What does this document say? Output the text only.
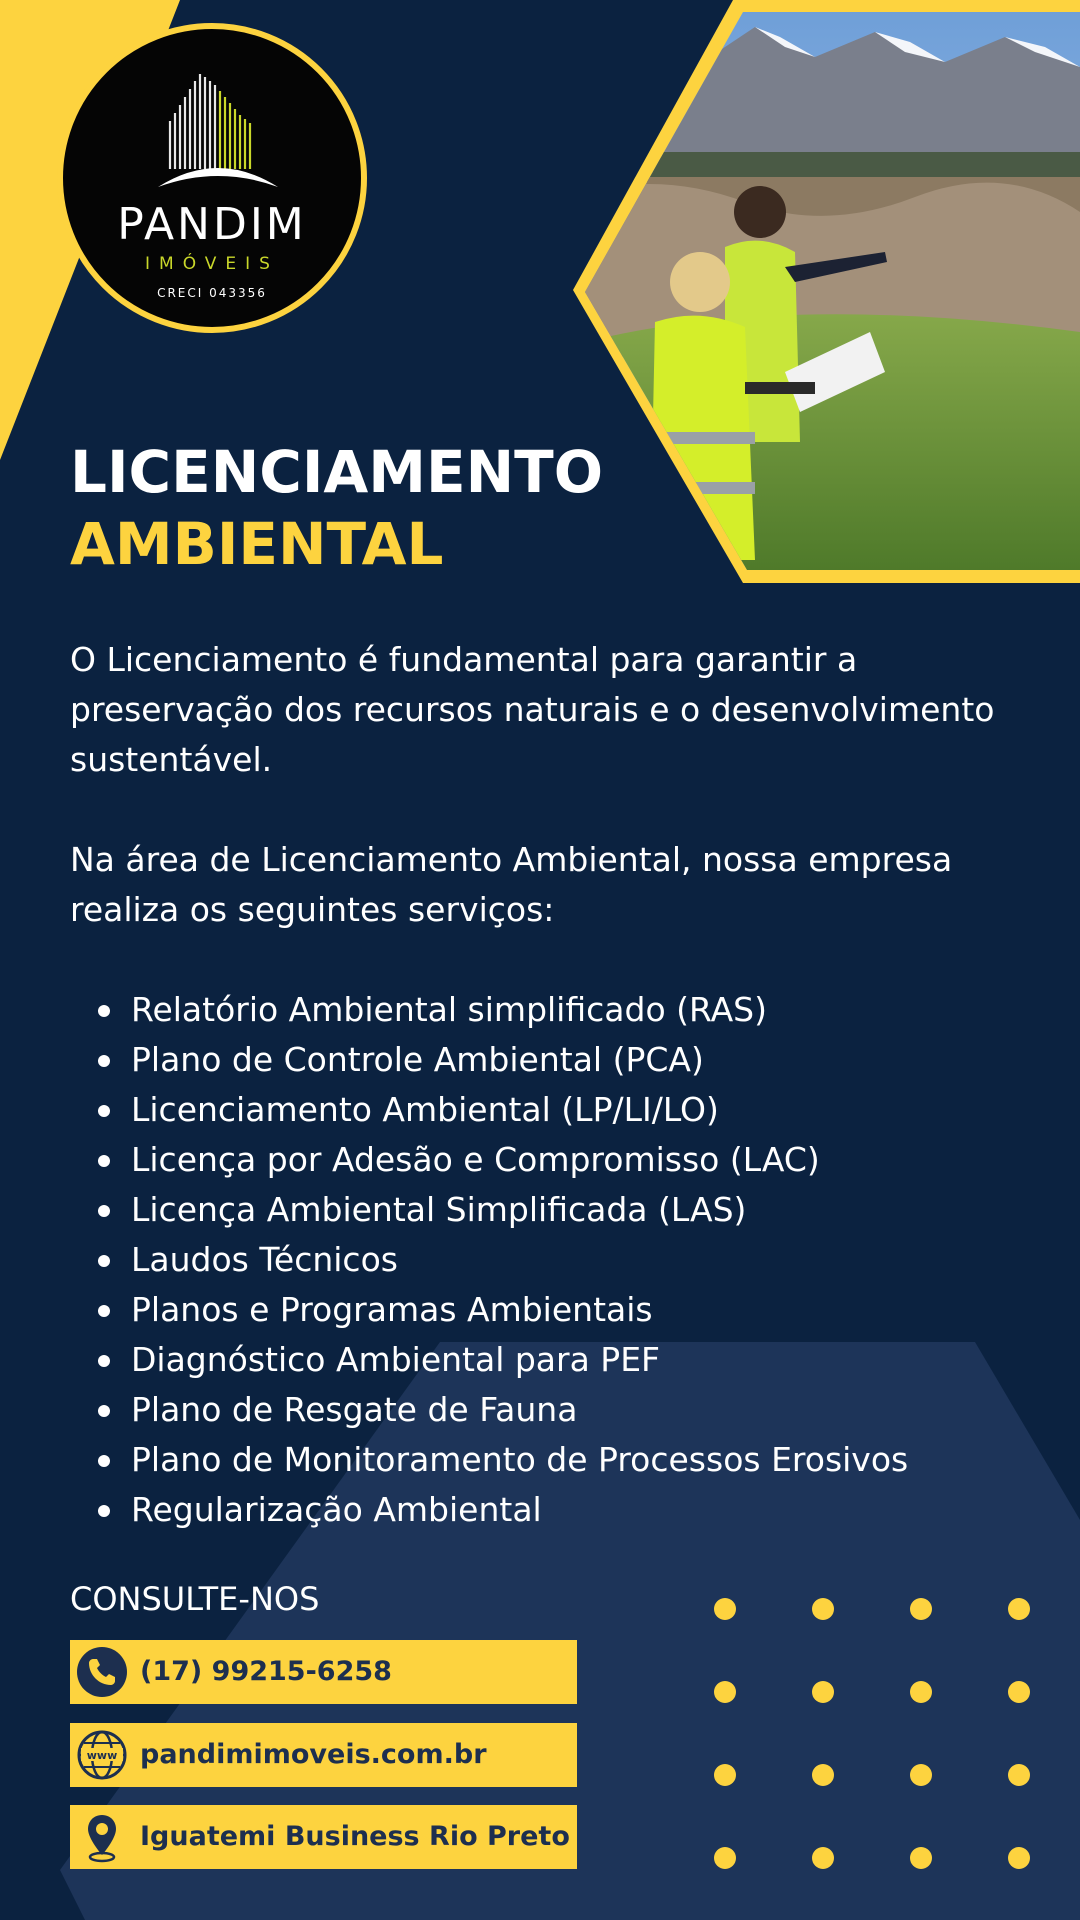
PANDIM
IMÓVEIS
CRECI 043356
LICENCIAMENTO
AMBIENTAL
O Licenciamento é fundamental para garantir a preservação dos recursos naturais e o desenvolvimento sustentável.
Na área de Licenciamento Ambiental, nossa empresa realiza os seguintes serviços:
Relatório Ambiental simplificado (RAS)
Plano de Controle Ambiental (PCA)
Licenciamento Ambiental (LP/LI/LO)
Licença por Adesão e Compromisso (LAC)
Licença Ambiental Simplificada (LAS)
Laudos Técnicos
Planos e Programas Ambientais
Diagnóstico Ambiental para PEF
Plano de Resgate de Fauna
Plano de Monitoramento de Processos Erosivos
Regularização Ambiental
CONSULTE-NOS
(17) 99215-6258
www pandimimoveis.com.br
Iguatemi Business Rio Preto
